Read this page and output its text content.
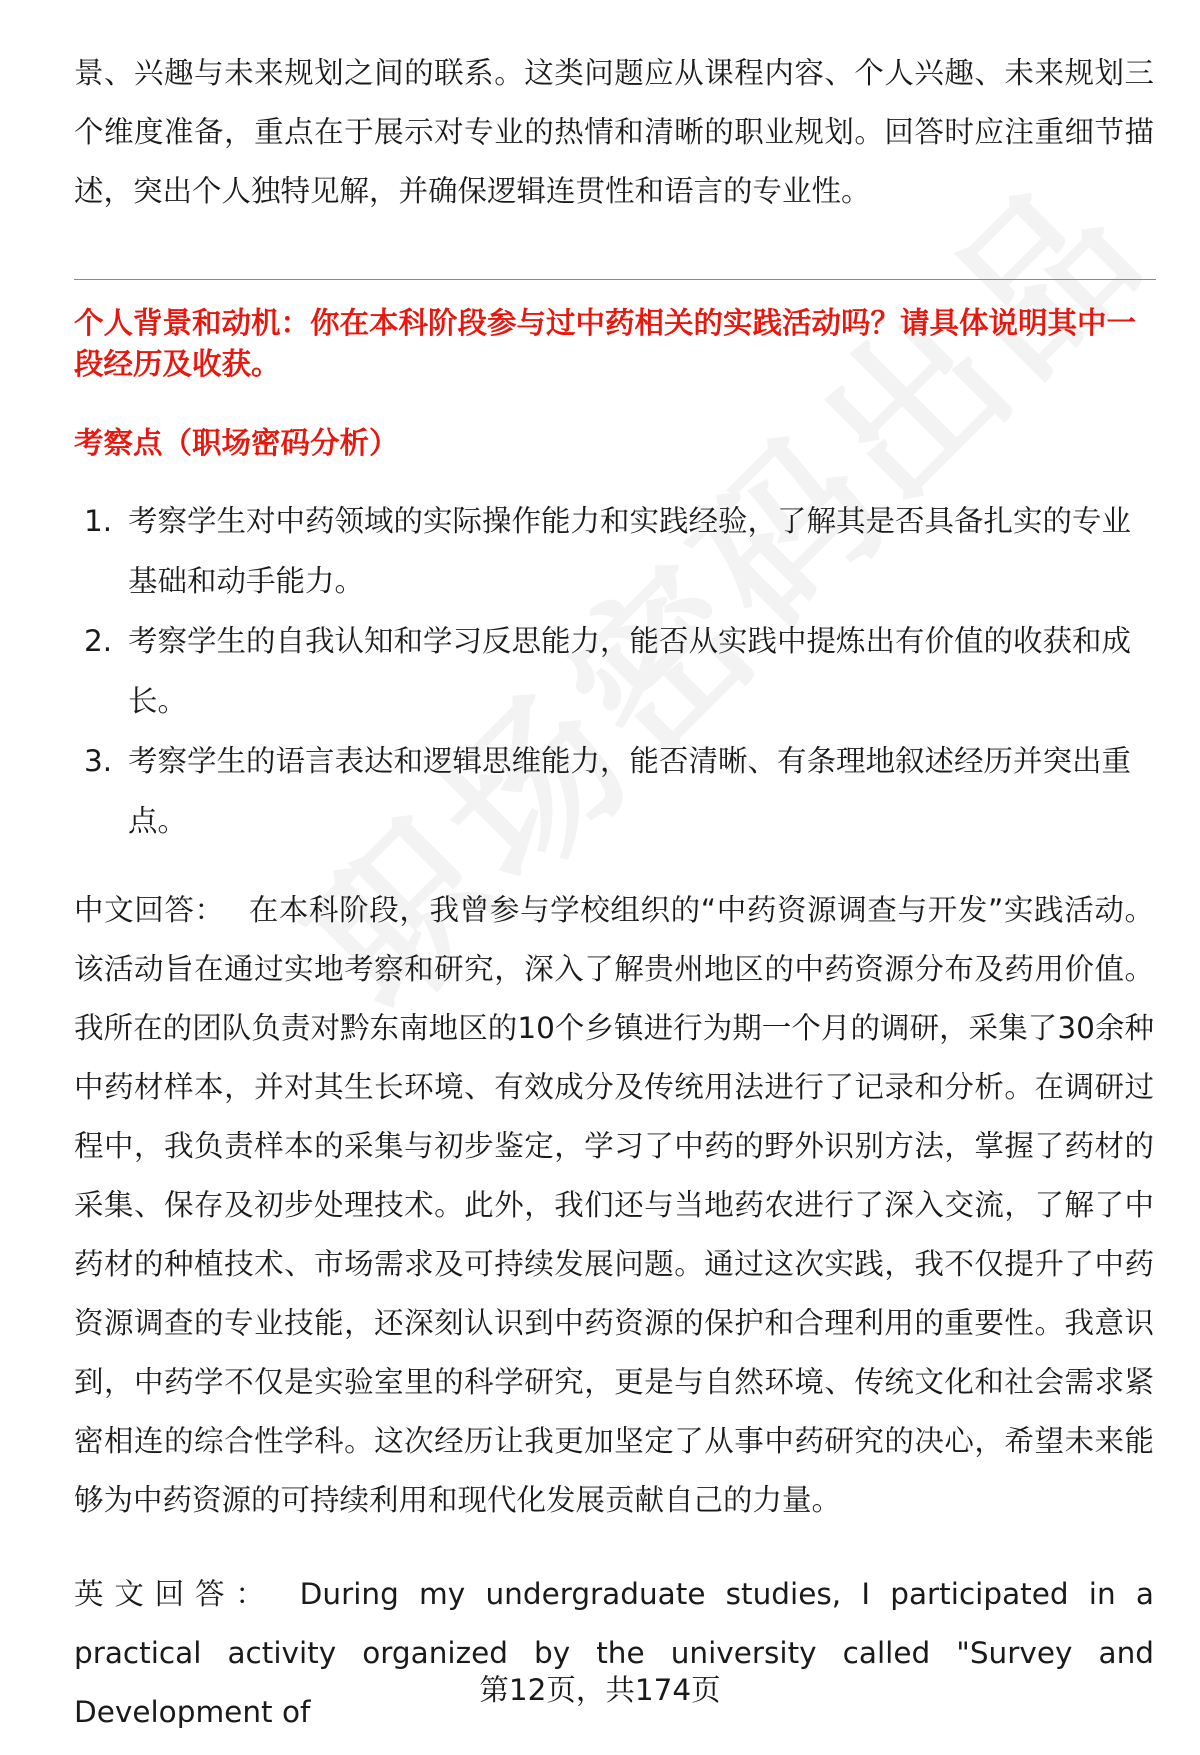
景、兴趣与未来规划之间的联系。这类问题应从课程内容、个人兴趣、未来规划三个维度准备，重点在于展示对专业的热情和清晰的职业规划。回答时应注重细节描述，突出个人独特见解，并确保逻辑连贯性和语言的专业性。

个人背景和动机：你在本科阶段参与过中药相关的实践活动吗？请具体说明其中一段经历及收获。

考察点（职场密码分析）

1. 考察学生对中药领域的实际操作能力和实践经验，了解其是否具备扎实的专业基础和动手能力。
2. 考察学生的自我认知和学习反思能力，能否从实践中提炼出有价值的收获和成长。
3. 考察学生的语言表达和逻辑思维能力，能否清晰、有条理地叙述经历并突出重点。

中文回答： 在本科阶段，我曾参与学校组织的“中药资源调查与开发”实践活动。该活动旨在通过实地考察和研究，深入了解贵州地区的中药资源分布及药用价值。我所在的团队负责对黔东南地区的10个乡镇进行为期一个月的调研，采集了30余种中药材样本，并对其生长环境、有效成分及传统用法进行了记录和分析。在调研过程中，我负责样本的采集与初步鉴定，学习了中药的野外识别方法，掌握了药材的采集、保存及初步处理技术。此外，我们还与当地药农进行了深入交流，了解了中药材的种植技术、市场需求及可持续发展问题。通过这次实践，我不仅提升了中药资源调查的专业技能，还深刻认识到中药资源的保护和合理利用的重要性。我意识到，中药学不仅是实验室里的科学研究，更是与自然环境、传统文化和社会需求紧密相连的综合性学科。这次经历让我更加坚定了从事中药研究的决心，希望未来能够为中药资源的可持续利用和现代化发展贡献自己的力量。

英文回答： During my undergraduate studies, I participated in a practical activity organized by the university called "Survey and Development of

第12页，共174页
